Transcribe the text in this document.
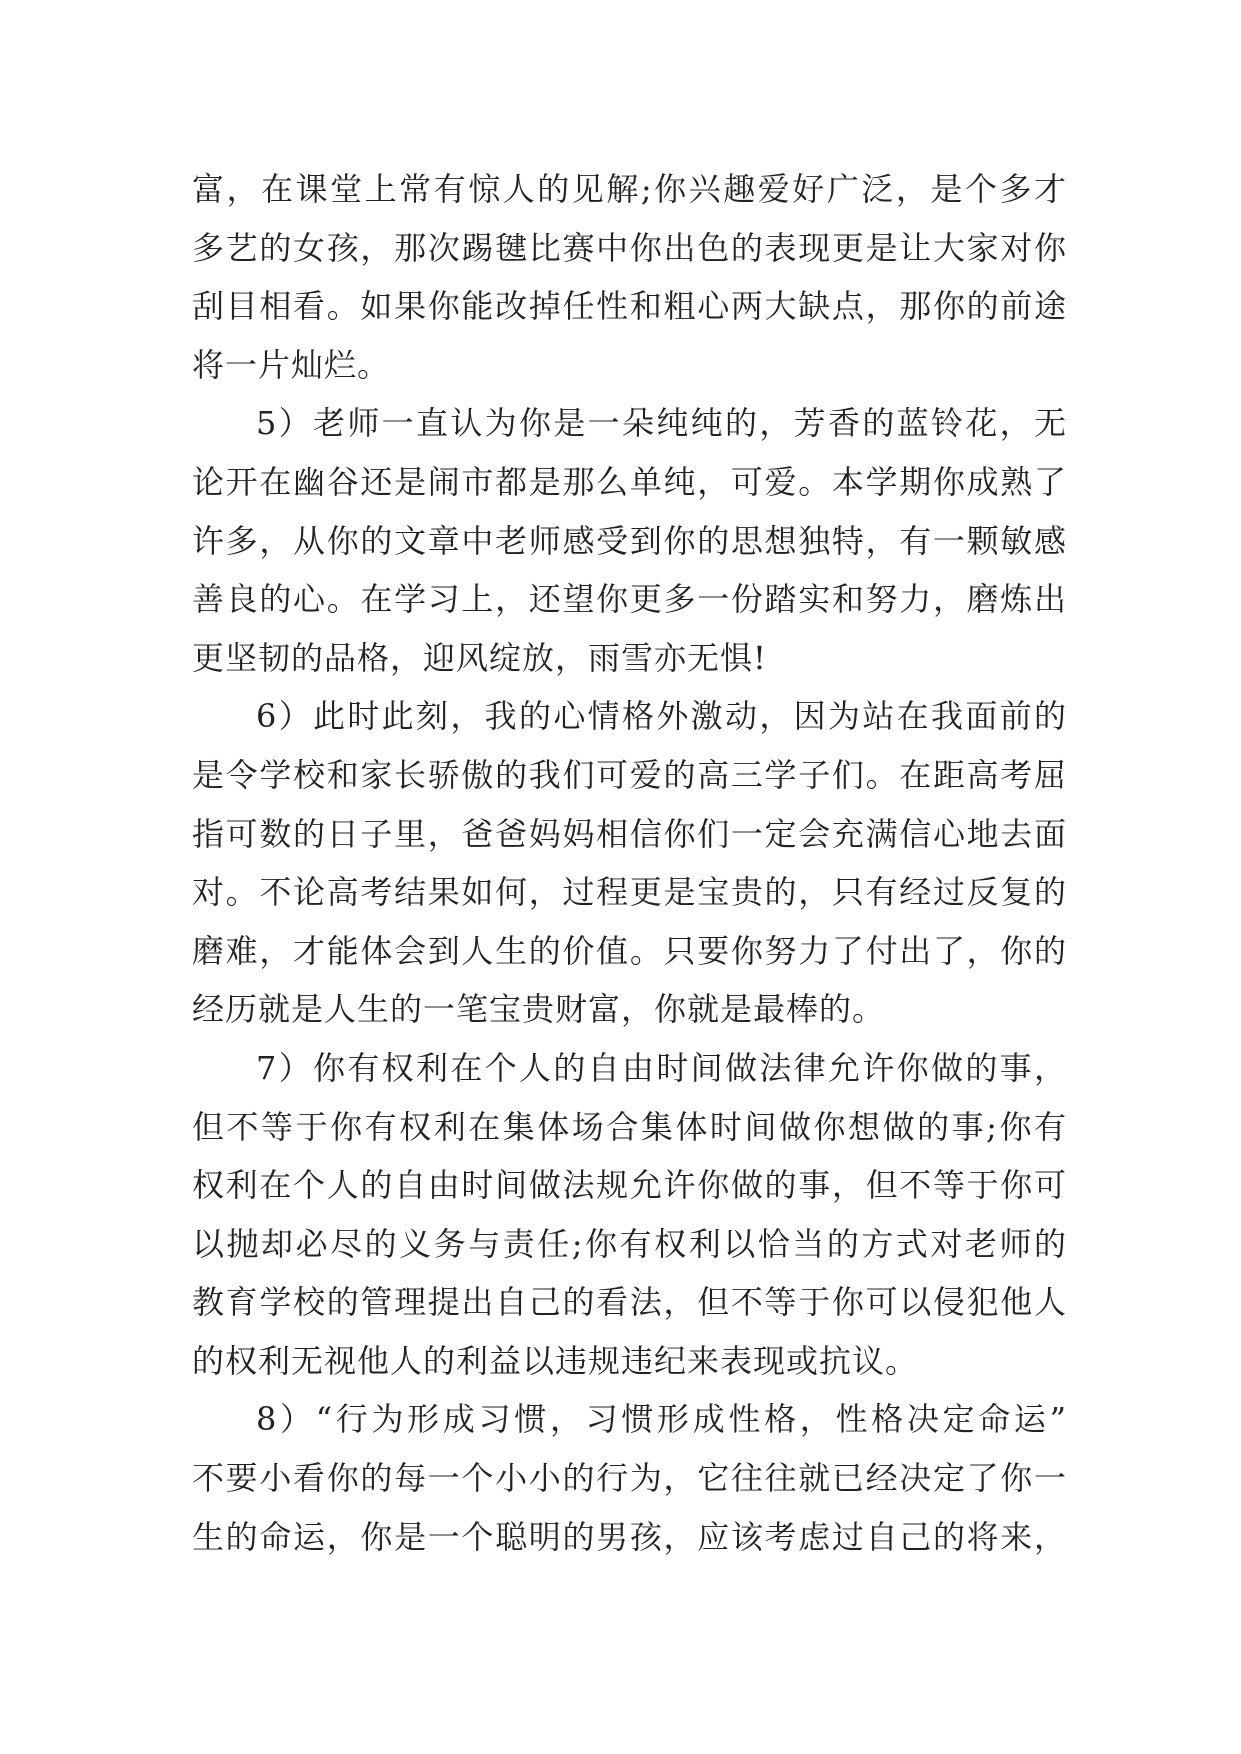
富，在课堂上常有惊人的见解;你兴趣爱好广泛，是个多才
多艺的女孩，那次踢毽比赛中你出色的表现更是让大家对你
刮目相看。如果你能改掉任性和粗心两大缺点，那你的前途
将一片灿烂。
5）老师一直认为你是一朵纯纯的，芳香的蓝铃花，无
论开在幽谷还是闹市都是那么单纯，可爱。本学期你成熟了
许多，从你的文章中老师感受到你的思想独特，有一颗敏感
善良的心。在学习上，还望你更多一份踏实和努力，磨炼出
更坚韧的品格，迎风绽放，雨雪亦无惧!
6）此时此刻，我的心情格外激动，因为站在我面前的
是令学校和家长骄傲的我们可爱的高三学子们。在距高考屈
指可数的日子里，爸爸妈妈相信你们一定会充满信心地去面
对。不论高考结果如何，过程更是宝贵的，只有经过反复的
磨难，才能体会到人生的价值。只要你努力了付出了，你的
经历就是人生的一笔宝贵财富，你就是最棒的。
7）你有权利在个人的自由时间做法律允许你做的事，
但不等于你有权利在集体场合集体时间做你想做的事;你有
权利在个人的自由时间做法规允许你做的事，但不等于你可
以抛却必尽的义务与责任;你有权利以恰当的方式对老师的
教育学校的管理提出自己的看法，但不等于你可以侵犯他人
的权利无视他人的利益以违规违纪来表现或抗议。
8）“行为形成习惯，习惯形成性格，性格决定命运”
不要小看你的每一个小小的行为，它往往就已经决定了你一
生的命运，你是一个聪明的男孩，应该考虑过自己的将来，
